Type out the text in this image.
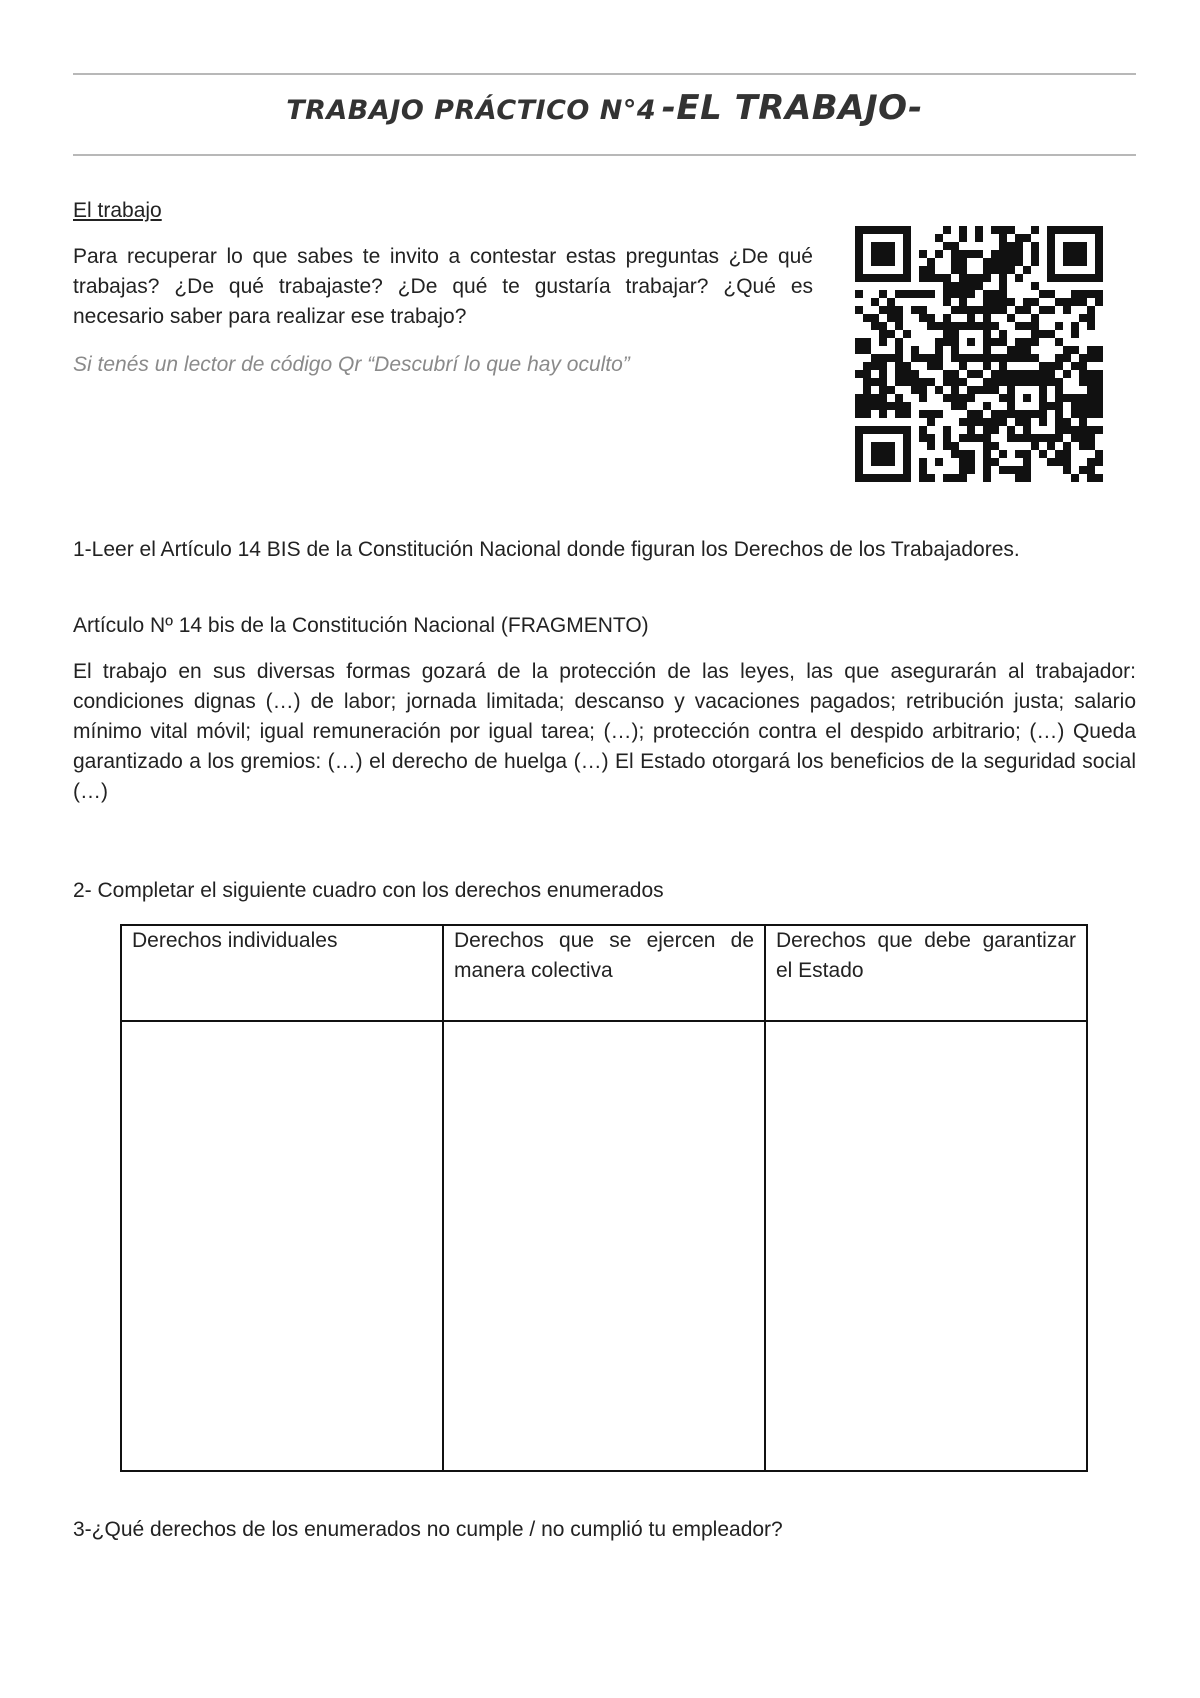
TRABAJO PRÁCTICO N°4 -EL TRABAJO-
El trabajo
Para recuperar lo que sabes te invito a contestar estas preguntas ¿De qué trabajas? ¿De qué trabajaste? ¿De qué te gustaría trabajar? ¿Qué es necesario saber para realizar ese trabajo?
Si tenés un lector de código Qr “Descubrí lo que hay oculto”
1-Leer el Artículo 14 BIS de la Constitución Nacional donde figuran los Derechos de los Trabajadores.
Artículo Nº 14 bis de la Constitución Nacional (FRAGMENTO)
El trabajo en sus diversas formas gozará de la protección de las leyes, las que asegurarán al trabajador: condiciones dignas (…) de labor; jornada limitada; descanso y vacaciones pagados; retribución justa; salario mínimo vital móvil; igual remuneración por igual tarea; (…); protección contra el despido arbitrario; (…) Queda garantizado a los gremios: (…) el derecho de huelga (…) El Estado otorgará los beneficios de la seguridad social (…)
2- Completar el siguiente cuadro con los derechos enumerados
Derechos individuales	Derechos que se ejercen de manera colectiva	Derechos que debe garantizar el Estado

3-¿Qué derechos de los enumerados no cumple / no cumplió tu empleador?
